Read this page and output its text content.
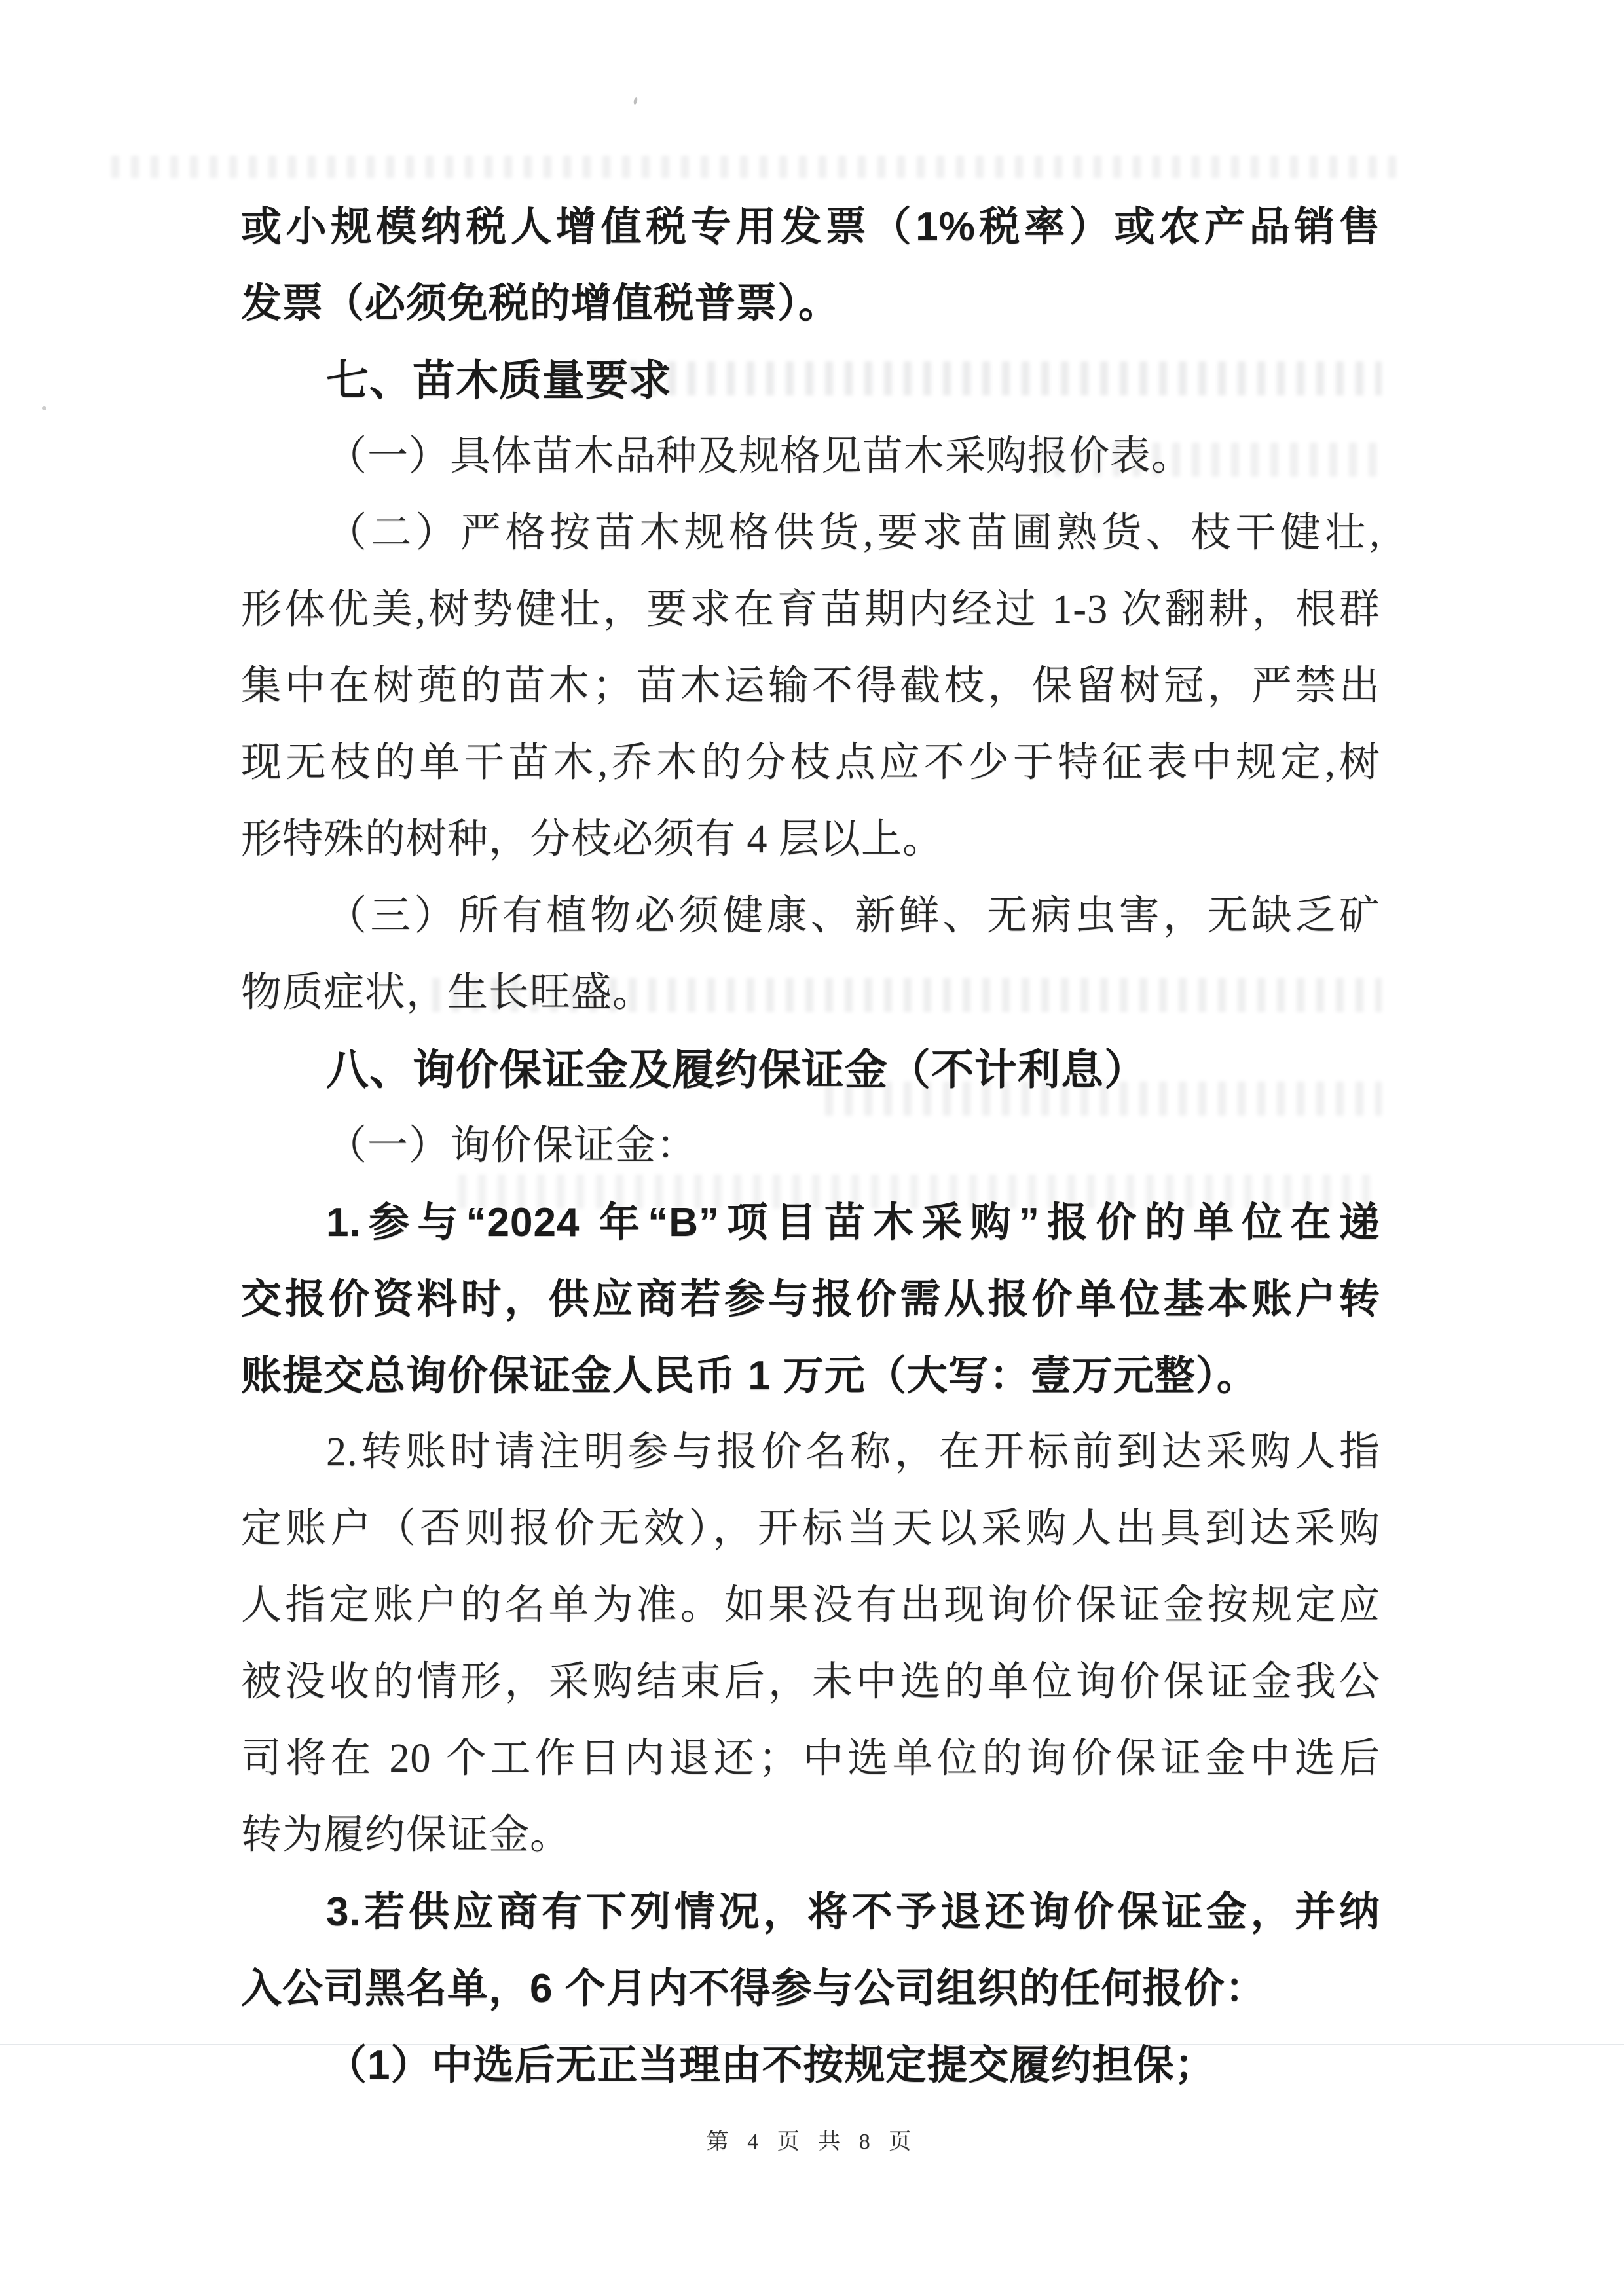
或小规模纳税人增值税专用发票（1%税率）或农产品销售
发票（必须免税的增值税普票）。
七、苗木质量要求
（一）具体苗木品种及规格见苗木采购报价表。
（二）严格按苗木规格供货,要求苗圃熟货、枝干健壮,
形体优美,树势健壮，要求在育苗期内经过 1-3 次翻耕，根群
集中在树蔸的苗木；苗木运输不得截枝，保留树冠，严禁出
现无枝的单干苗木,乔木的分枝点应不少于特征表中规定,树
形特殊的树种，分枝必须有 4 层以上。
（三）所有植物必须健康、新鲜、无病虫害，无缺乏矿
物质症状，生长旺盛。
八、询价保证金及履约保证金（不计利息）
（一）询价保证金：
1.参与“2024 年“B”项目苗木采购”报价的单位在递
交报价资料时，供应商若参与报价需从报价单位基本账户转
账提交总询价保证金人民币 1 万元（大写：壹万元整）。
2.转账时请注明参与报价名称，在开标前到达采购人指
定账户（否则报价无效），开标当天以采购人出具到达采购
人指定账户的名单为准。如果没有出现询价保证金按规定应
被没收的情形，采购结束后，未中选的单位询价保证金我公
司将在 20 个工作日内退还；中选单位的询价保证金中选后
转为履约保证金。
3.若供应商有下列情况，将不予退还询价保证金，并纳
入公司黑名单，6 个月内不得参与公司组织的任何报价：
（1）中选后无正当理由不按规定提交履约担保；
第 4 页 共 8 页
